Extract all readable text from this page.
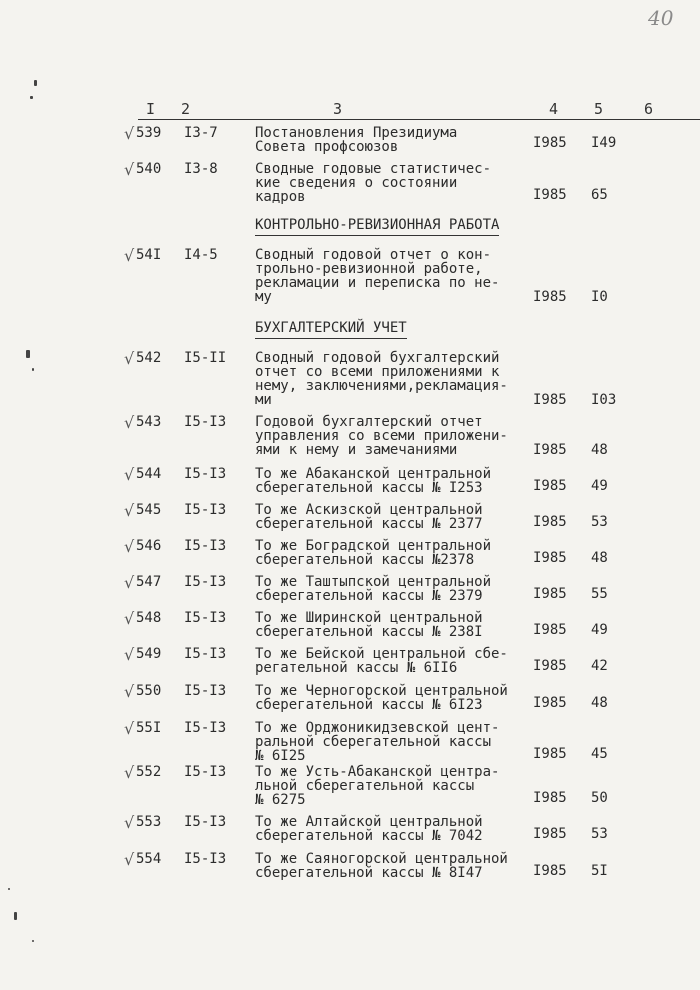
40
I 2	3	4 5	6
КОНТРОЛЬНО-РЕВИЗИОННАЯ РАБОТА
БУХГАЛТЕРСКИЙ УЧЕТ
√ 539 I3-7	Постановления Президиума
Совета профсоюзов	I985 I49
√ 540 I3-8	Сводные годовые статистичес-
кие сведения о состоянии
кадров	I985 65
√ 54I I4-5	Сводный годовой отчет о кон-
трольно-ревизионной работе,
рекламации и переписка по не-
му	I985 I0
√ 542 I5-II Сводный годовой бухгалтерский
отчет со всеми приложениями к
нему, заключениями,рекламация-
ми	I985 I03
√ 543 I5-I3 Годовой бухгалтерский отчет
управления со всеми приложени-
ями к нему и замечаниями	I985 48
√ 544 I5-I3 То же Абаканской центральной
сберегательной кассы № I253	I985 49
√ 545 I5-I3 То же Аскизской центральной
сберегательной кассы № 2377	I985 53
√ 546 I5-I3 То же Боградской центральной
сберегательной кассы №2378	I985 48
√ 547 I5-I3 То же Таштыпской центральной
сберегательной кассы № 2379	I985 55
√ 548 I5-I3 То же Ширинской центральной
сберегательной кассы № 238I	I985 49
√ 549 I5-I3 То же Бейской центральной сбе-
регательной кассы № 6II6	I985 42
√ 550 I5-I3 То же Черногорской центральной
сберегательной кассы № 6I23	I985 48
√ 55I I5-I3 То же Орджоникидзевской цент-
ральной сберегательной кассы
№ 6I25	I985 45
√ 552 I5-I3 То же Усть-Абаканской центра-
льной сберегательной кассы
№ 6275	I985 50
√ 553 I5-I3 То же Алтайской центральной
сберегательной кассы № 7042	I985 53
√ 554 I5-I3 То же Саяногорской центральной
сберегательной кассы № 8I47	I985 5I
